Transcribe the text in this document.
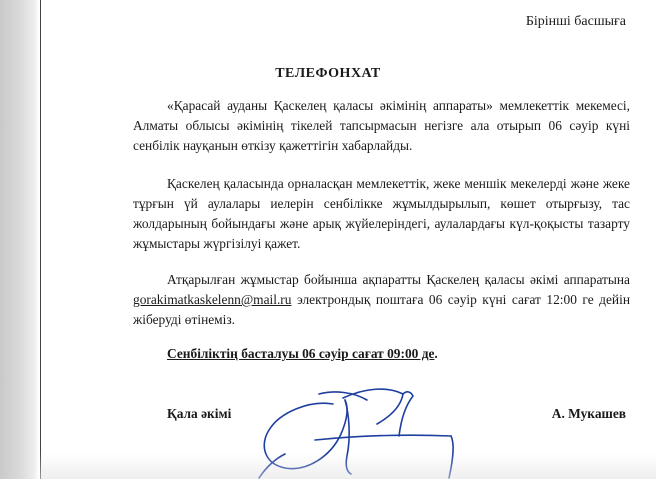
Бірінші басшыға
ТЕЛЕФОНХАТ
«Қарасай ауданы Қаскелең қаласы әкімінің аппараты» мемлекеттік мекемесі, Алматы облысы әкімінің тікелей тапсырмасын негізге ала отырып 06 сәуір күні сенбілік науқанын өткізу қажеттігін хабарлайды.
Қаскелең қаласында орналасқан мемлекеттік, жеке меншік мекелерді және жеке тұрғын үй аулалары иелерін сенбілікке жұмылдырылып, көшет отырғызу, тас жолдарының бойындағы және арық жүйелеріндегі, аулалардағы күл-қоқысты тазарту жұмыстары жүргізілуі қажет.
Атқарылған жұмыстар бойынша ақпаратты Қаскелең қаласы әкімі аппаратына gorakimatkaskelenn@mail.ru электрондық поштаға 06 сәуір күні сағат 12:00 ге дейін жіберуді өтінеміз.
Сенбіліктің басталуы 06 сәуір сағат 09:00 де.
Қала әкімі	А. Мукашев
